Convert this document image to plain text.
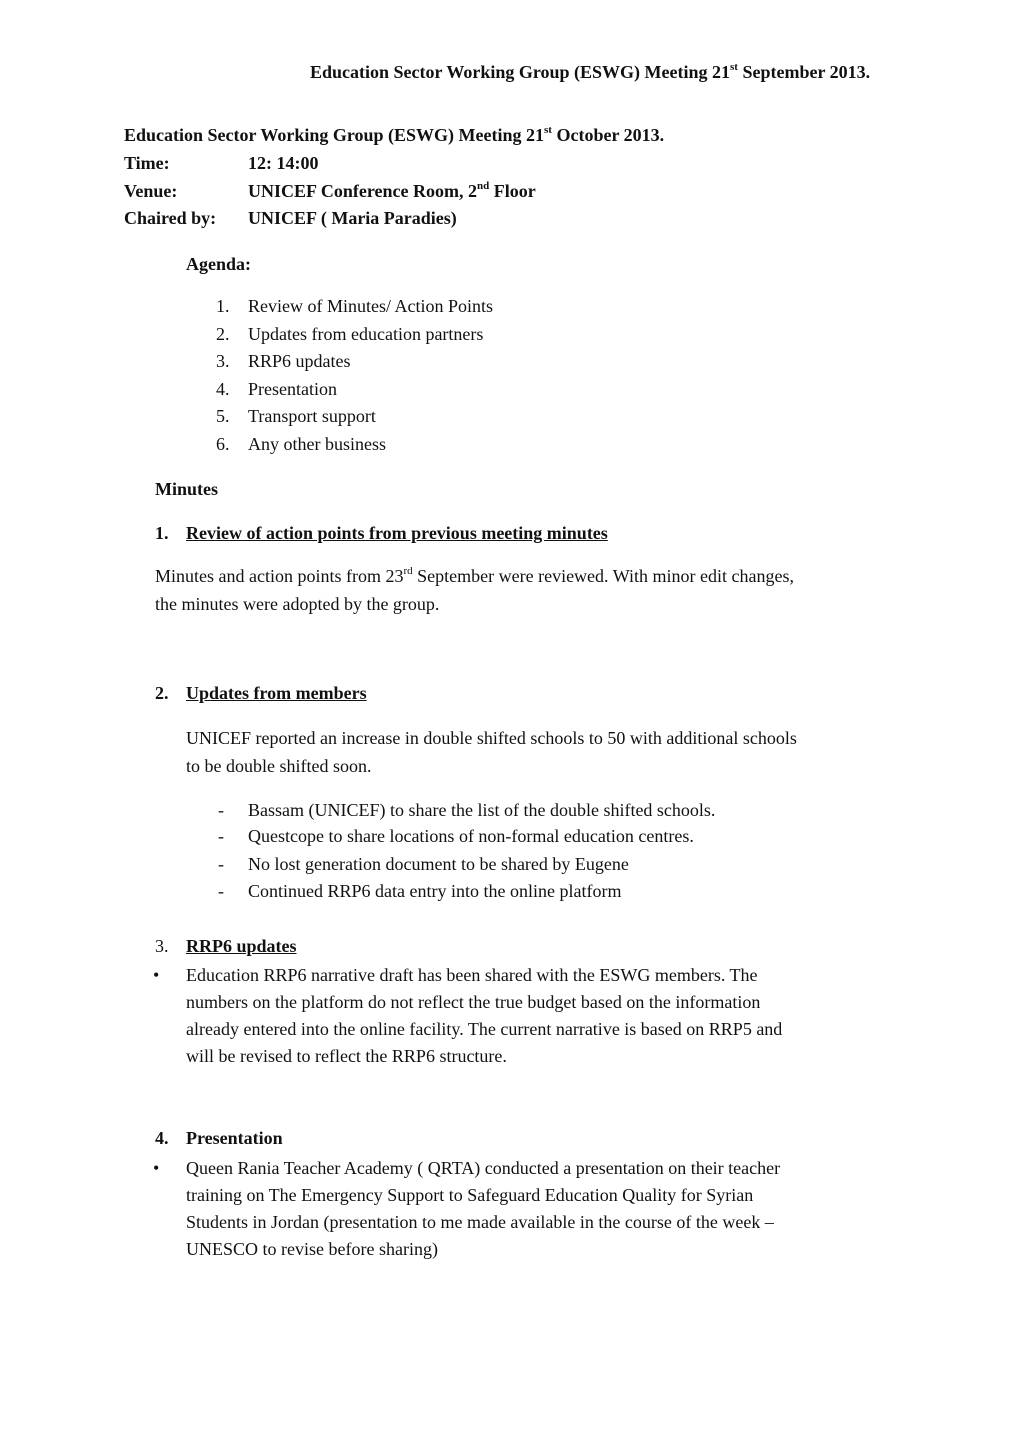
Education Sector Working Group (ESWG) Meeting 21st September 2013.
Education Sector Working Group (ESWG) Meeting 21st October 2013.
Time:	12: 14:00
Venue:	UNICEF Conference Room, 2nd Floor
Chaired by: UNICEF ( Maria Paradies)
Agenda:
1. Review of Minutes/ Action Points
2. Updates from education partners
3. RRP6 updates
4. Presentation
5. Transport support
6. Any other business
Minutes
1. Review of action points from previous meeting minutes
Minutes and action points from 23rd September were reviewed. With minor edit changes,
the minutes were adopted by the group.
2. Updates from members
UNICEF reported an increase in double shifted schools to 50 with additional schools
to be double shifted soon.
- Bassam (UNICEF) to share the list of the double shifted schools.
- Questcope to share locations of non-formal education centres.
- No lost generation document to be shared by Eugene
- Continued RRP6 data entry into the online platform
3. RRP6 updates
• Education RRP6 narrative draft has been shared with the ESWG members. The
numbers on the platform do not reflect the true budget based on the information
already entered into the online facility. The current narrative is based on RRP5 and
will be revised to reflect the RRP6 structure.
4. Presentation
• Queen Rania Teacher Academy ( QRTA) conducted a presentation on their teacher
training on The Emergency Support to Safeguard Education Quality for Syrian
Students in Jordan (presentation to me made available in the course of the week –
UNESCO to revise before sharing)
